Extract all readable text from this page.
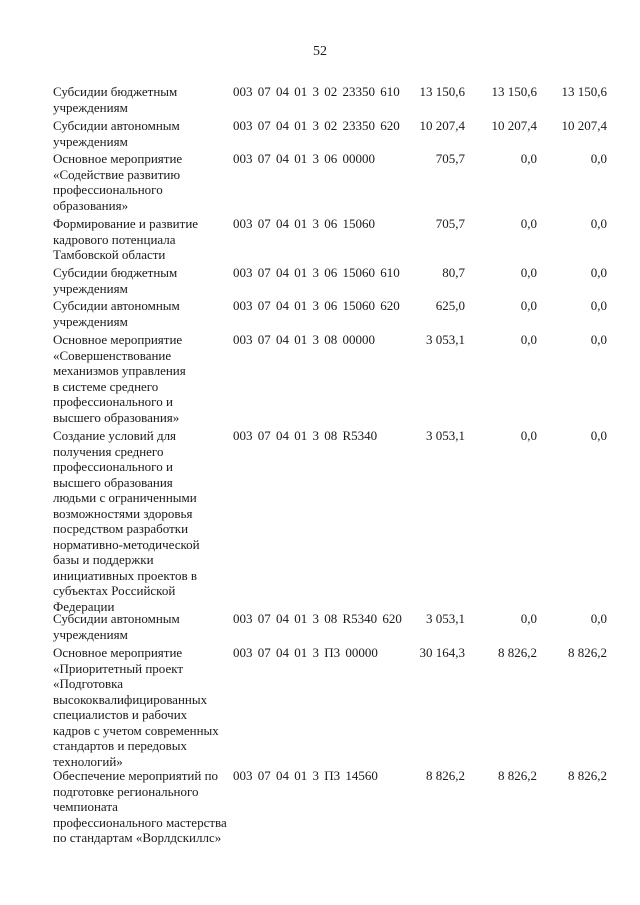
52
Субсидии бюджетным
учреждениям
003 07 04 01 3 02 23350 610	13 150,6	13 150,6	13 150,6
Субсидии автономным
учреждениям
003 07 04 01 3 02 23350 620	10 207,4	10 207,4	10 207,4
Основное мероприятие
«Содействие развитию
профессионального
образования»
003 07 04 01 3 06 00000	705,7	0,0	0,0
Формирование и развитие
кадрового потенциала
Тамбовской области
003 07 04 01 3 06 15060	705,7	0,0	0,0
Субсидии бюджетным
учреждениям
003 07 04 01 3 06 15060 610	80,7	0,0	0,0
Субсидии автономным
учреждениям
003 07 04 01 3 06 15060 620	625,0	0,0	0,0
Основное мероприятие
«Совершенствование
механизмов управления
в системе среднего
профессионального и
высшего образования»
003 07 04 01 3 08 00000	3 053,1	0,0	0,0
Создание условий для
получения среднего
профессионального и
высшего образования
людьми с ограниченными
возможностями здоровья
посредством разработки
нормативно-методической
базы и поддержки
инициативных проектов в
субъектах Российской
Федерации
003 07 04 01 3 08 R5340	3 053,1	0,0	0,0
Субсидии автономным
учреждениям
003 07 04 01 3 08 R5340 620	3 053,1	0,0	0,0
Основное мероприятие
«Приоритетный проект
«Подготовка
высококвалифицированных
специалистов и рабочих
кадров с учетом современных
стандартов и передовых
технологий»
003 07 04 01 3 П3 00000	30 164,3	8 826,2	8 826,2
Обеспечение мероприятий по
подготовке регионального
чемпионата
профессионального мастерства
по стандартам «Ворлдскиллс»
003 07 04 01 3 П3 14560	8 826,2	8 826,2	8 826,2
